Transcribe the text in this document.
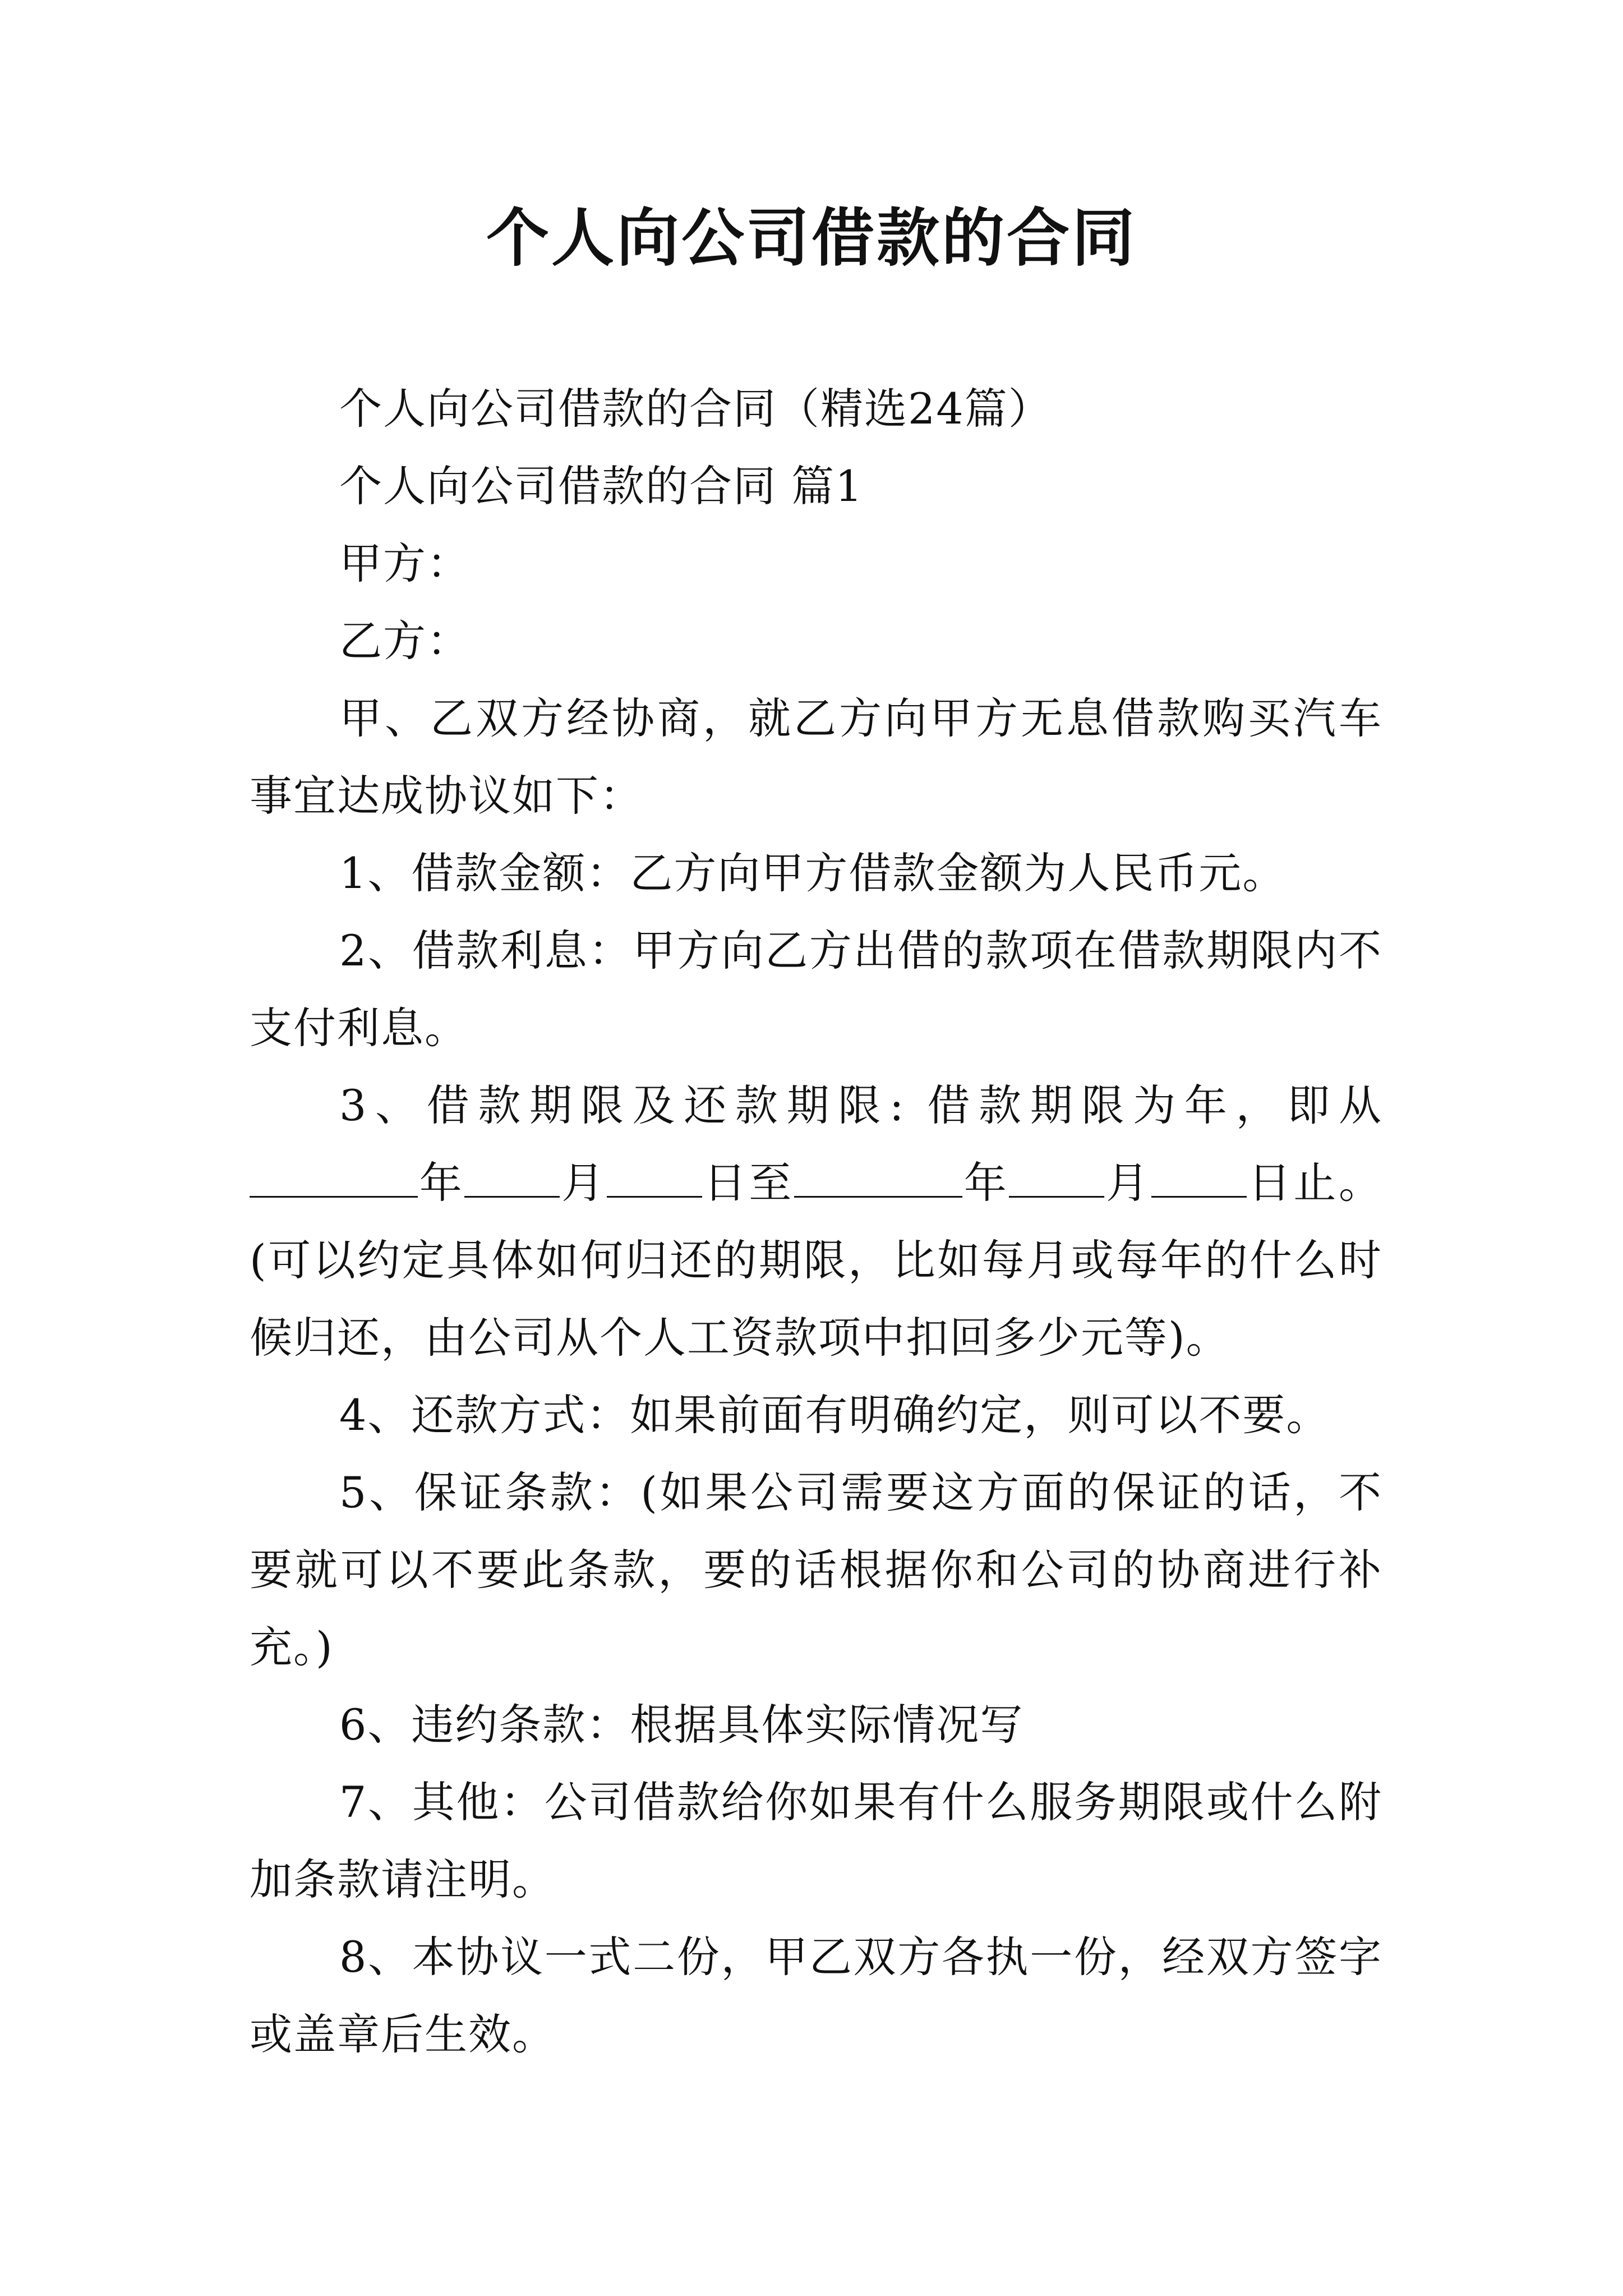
个人向公司借款的合同

个人向公司借款的合同（精选24篇）

个人向公司借款的合同 篇1

甲方：

乙方：

甲、乙双方经协商，就乙方向甲方无息借款购买汽车事宜达成协议如下：

1、借款金额：乙方向甲方借款金额为人民币元。

2、借款利息：甲方向乙方出借的款项在借款期限内不支付利息。

3、借款期限及还款期限: 借款期限为年，即从年 月 日至	年 月 日止。(可以约定具体如何归还的期限，比如每月或每年的什么时候归还，由公司从个人工资款项中扣回多少元等)。

4、还款方式：如果前面有明确约定，则可以不要。

5、保证条款：(如果公司需要这方面的保证的话，不要就可以不要此条款，要的话根据你和公司的协商进行补充。)

6、违约条款：根据具体实际情况写

7、其他：公司借款给你如果有什么服务期限或什么附加条款请注明。

8、本协议一式二份，甲乙双方各执一份，经双方签字或盖章后生效。
